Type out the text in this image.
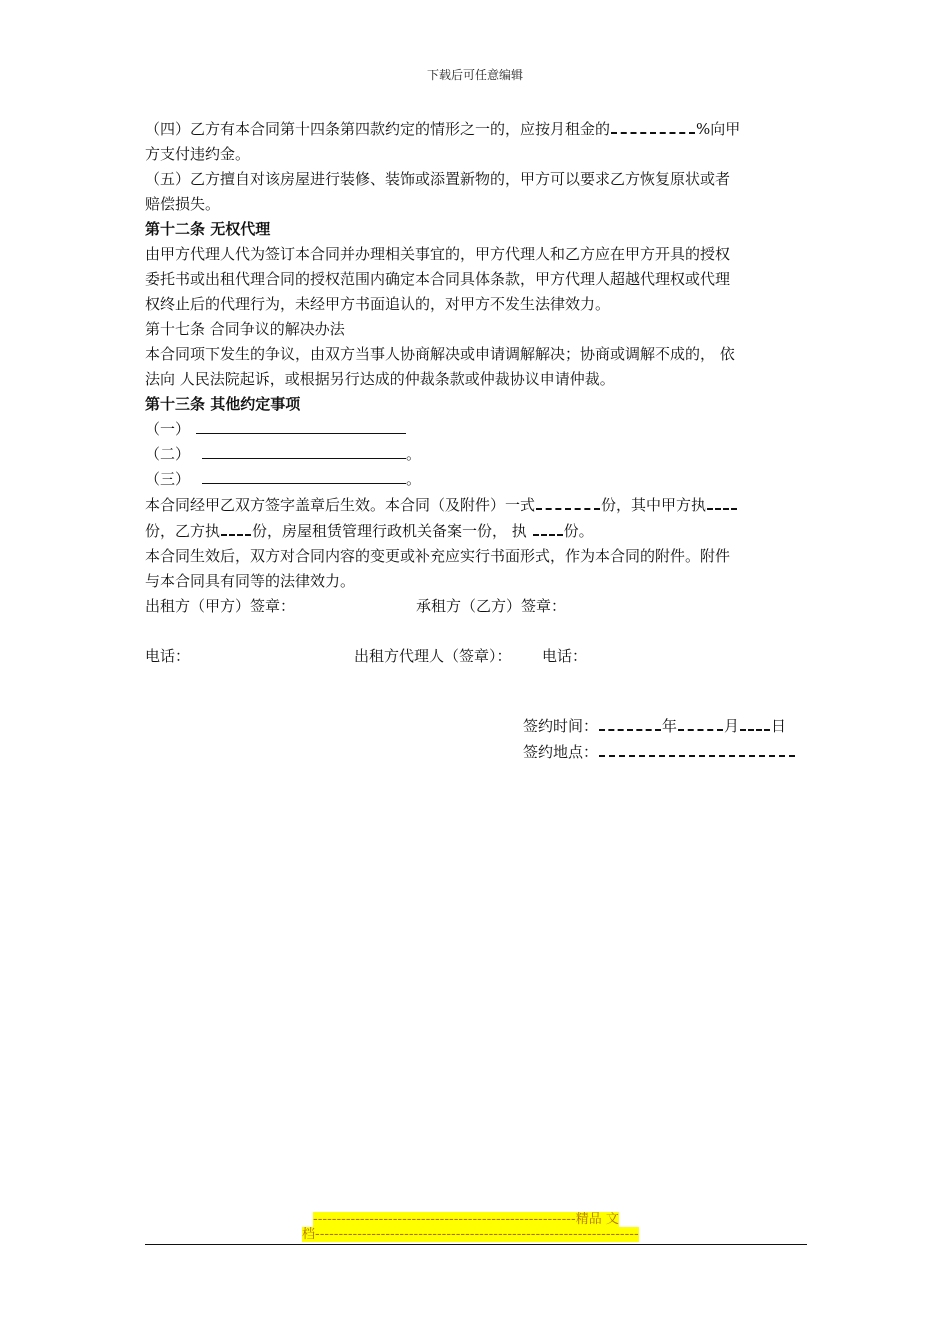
下载后可任意编辑

（四）乙方有本合同第十四条第四款约定的情形之一的，应按月租金的	%向甲

方支付违约金。

（五）乙方擅自对该房屋进行装修、装饰或添置新物的，甲方可以要求乙方恢复原状或者

赔偿损失。

第十二条 无权代理

由甲方代理人代为签订本合同并办理相关事宜的，甲方代理人和乙方应在甲方开具的授权

委托书或出租代理合同的授权范围内确定本合同具体条款，甲方代理人超越代理权或代理

权终止后的代理行为，未经甲方书面追认的，对甲方不发生法律效力。

第十七条 合同争议的解决办法

本合同项下发生的争议，由双方当事人协商解决或申请调解解决；协商或调解不成的， 依

法向 人民法院起诉，或根据另行达成的仲裁条款或仲裁协议申请仲裁。

第十三条 其他约定事项

（一）

（二）	。

（三）	。

本合同经甲乙双方签字盖章后生效。本合同（及附件）一式	份，其中甲方执

份，乙方执 份，房屋租赁管理行政机关备案一份， 执 份。

本合同生效后，双方对合同内容的变更或补充应实行书面形式，作为本合同的附件。附件

与本合同具有同等的法律效力。

出租方（甲方）签章：	承租方（乙方）签章：
电话：	出租方代理人（签章）： 电话：
签约时间：	年	月 日
签约地点：
--------------------------------------------------------精品 文
档---------------------------------------------------------------------
